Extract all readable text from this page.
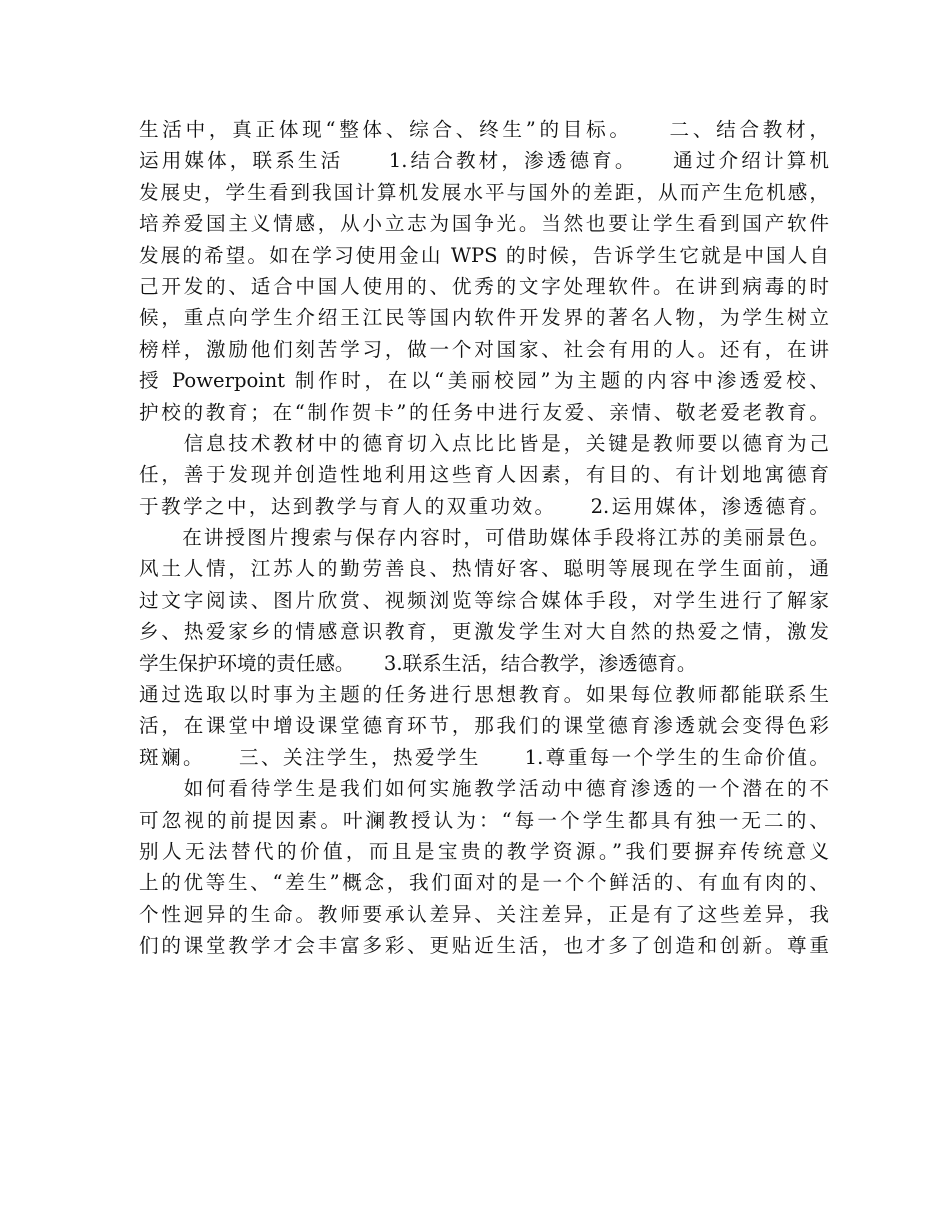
生活中，真正体现“整体、综合、终生”的目标。　　二、结合教材，
运用媒体，联系生活　　1.结合教材，渗透德育。　　通过介绍计算机
发展史，学生看到我国计算机发展水平与国外的差距，从而产生危机感，
培养爱国主义情感，从小立志为国争光。当然也要让学生看到国产软件
发展的希望。如在学习使用金山 WPS 的时候，告诉学生它就是中国人自
己开发的、适合中国人使用的、优秀的文字处理软件。在讲到病毒的时
候，重点向学生介绍王江民等国内软件开发界的著名人物，为学生树立
榜样，激励他们刻苦学习，做一个对国家、社会有用的人。还有，在讲
授 Powerpoint 制作时，在以“美丽校园”为主题的内容中渗透爱校、
护校的教育；在“制作贺卡”的任务中进行友爱、亲情、敬老爱老教育。
　　信息技术教材中的德育切入点比比皆是，关键是教师要以德育为己
任，善于发现并创造性地利用这些育人因素，有目的、有计划地寓德育
于教学之中，达到教学与育人的双重功效。　　2.运用媒体，渗透德育。
　　在讲授图片搜索与保存内容时，可借助媒体手段将江苏的美丽景色。
风土人情，江苏人的勤劳善良、热情好客、聪明等展现在学生面前，通
过文字阅读、图片欣赏、视频浏览等综合媒体手段，对学生进行了解家
乡、热爱家乡的情感意识教育，更激发学生对大自然的热爱之情，激发
学生保护环境的责任感。　　3.联系生活，结合教学，渗透德育。
通过选取以时事为主题的任务进行思想教育。如果每位教师都能联系生
活，在课堂中增设课堂德育环节，那我们的课堂德育渗透就会变得色彩
斑斓。　　三、关注学生，热爱学生　　1.尊重每一个学生的生命价值。
　　如何看待学生是我们如何实施教学活动中德育渗透的一个潜在的不
可忽视的前提因素。叶澜教授认为：“每一个学生都具有独一无二的、
别人无法替代的价值，而且是宝贵的教学资源。”我们要摒弃传统意义
上的优等生、“差生”概念，我们面对的是一个个鲜活的、有血有肉的、
个性迥异的生命。教师要承认差异、关注差异，正是有了这些差异，我
们的课堂教学才会丰富多彩、更贴近生活，也才多了创造和创新。尊重
